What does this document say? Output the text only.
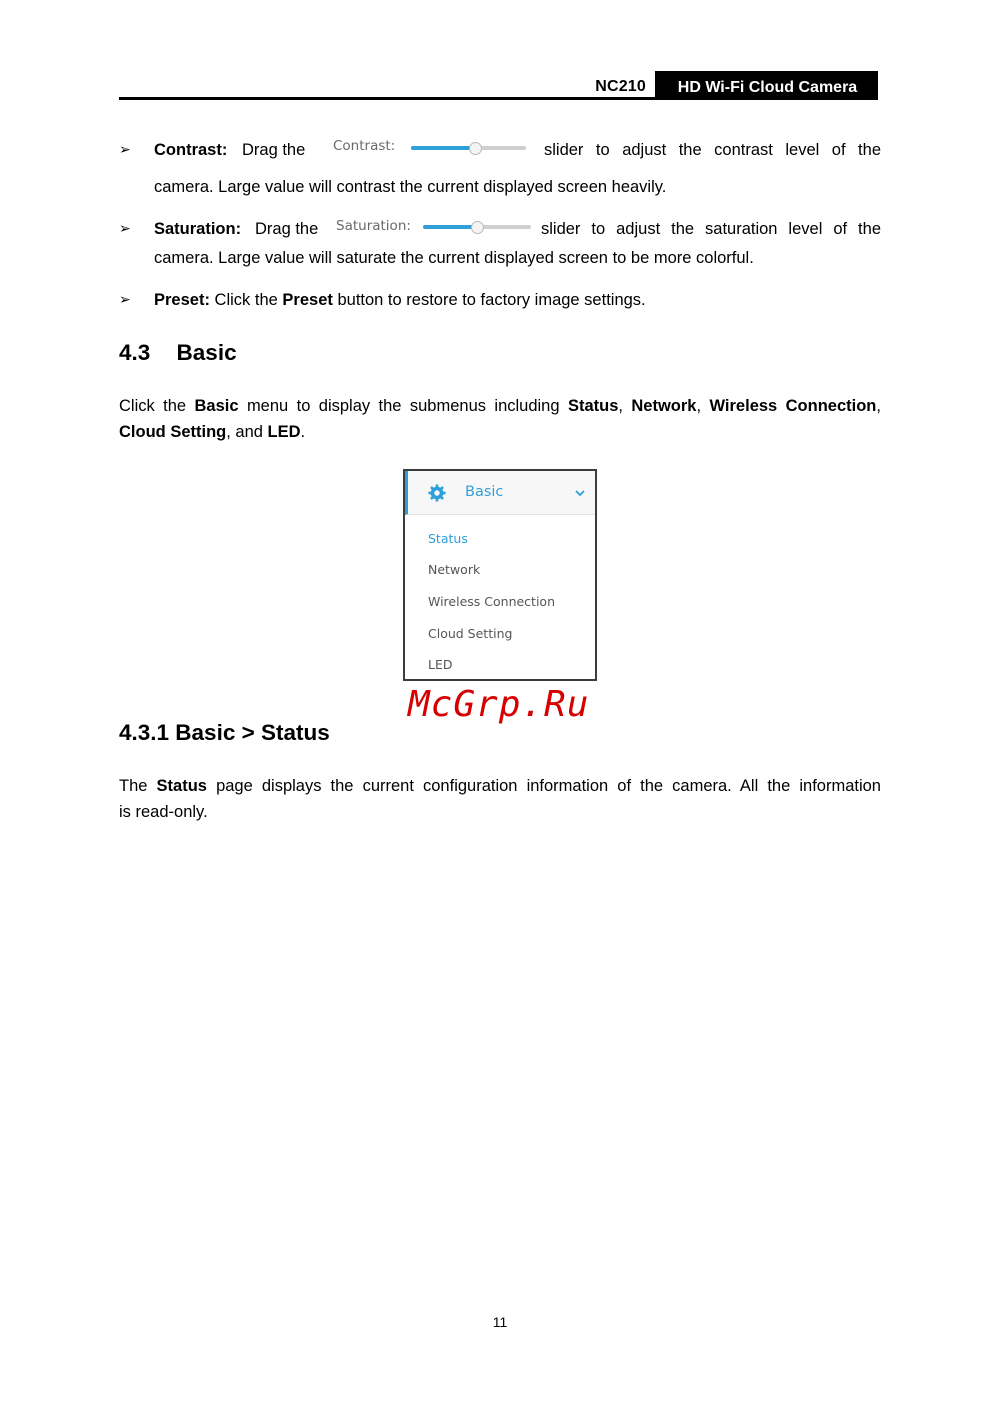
NC210	HD Wi-Fi Cloud Camera
➢ Contrast: Drag the	slider to adjust the contrast level of the
Contrast:
camera. Large value will contrast the current displayed screen heavily.
➢ Saturation: Drag the	slider to adjust the saturation level of the
Saturation:
camera. Large value will saturate the current displayed screen to be more colorful.
➢ Preset: Click the Preset button to restore to factory image settings.
4.3 Basic
Click the Basic menu to display the submenus including Status, Network, Wireless Connection,
Cloud Setting, and LED.
Basic
Status
Network
Wireless Connection
Cloud Setting
LED
McGrp.Ru
4.3.1 Basic > Status
The Status page displays the current configuration information of the camera. All the information
is read-only.
11
